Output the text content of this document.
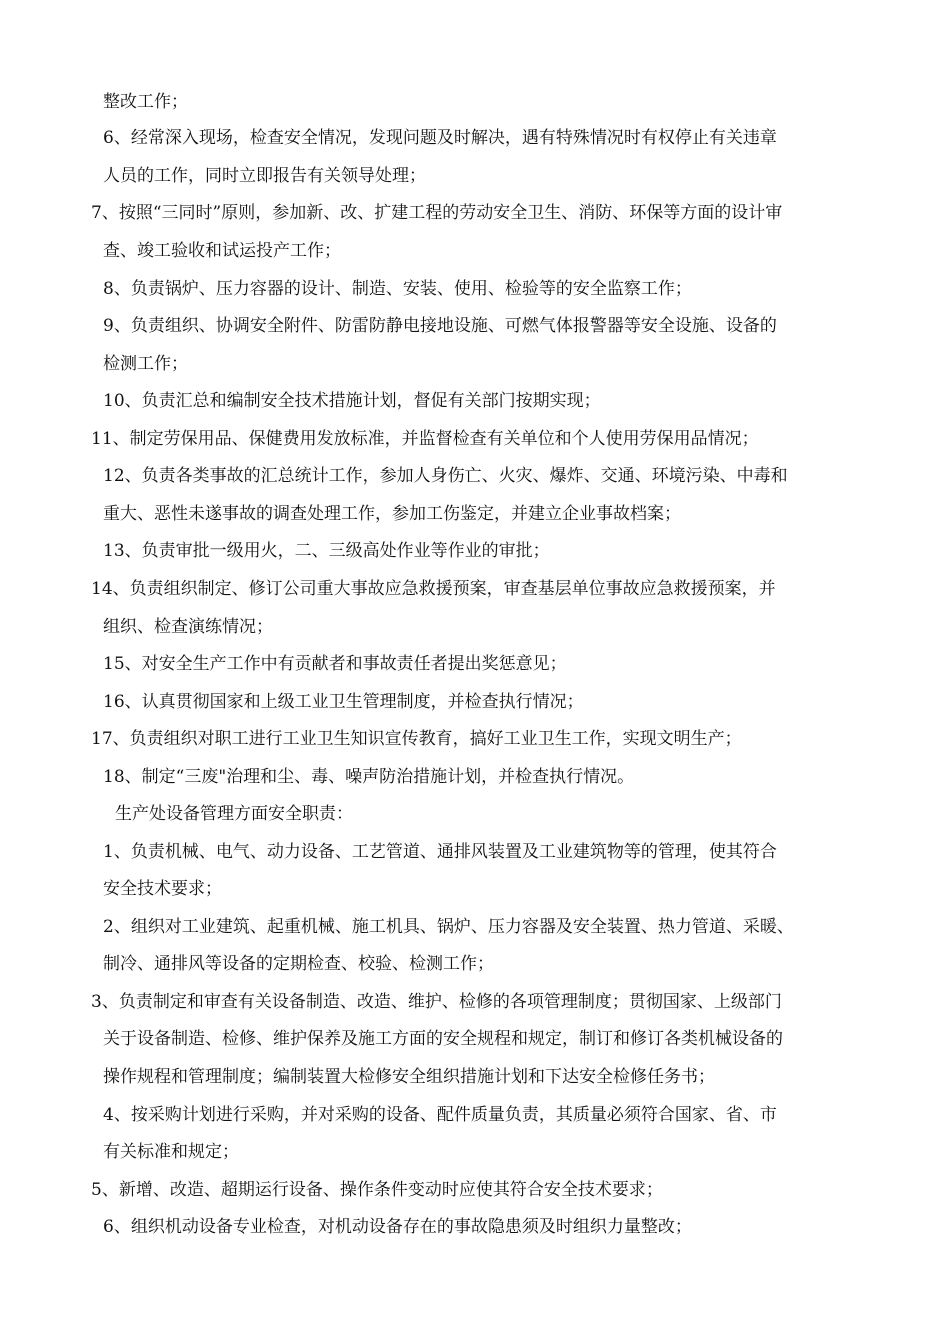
整改工作；
6、经常深入现场，检查安全情况，发现问题及时解决，遇有特殊情况时有权停止有关违章
人员的工作，同时立即报告有关领导处理；
7、按照“三同时”原则，参加新、改、扩建工程的劳动安全卫生、消防、环保等方面的设计审
查、竣工验收和试运投产工作；
8、负责锅炉、压力容器的设计、制造、安装、使用、检验等的安全监察工作；
9、负责组织、协调安全附件、防雷防静电接地设施、可燃气体报警器等安全设施、设备的
检测工作；
10、负责汇总和编制安全技术措施计划，督促有关部门按期实现；
11、制定劳保用品、保健费用发放标准，并监督检查有关单位和个人使用劳保用品情况；
12、负责各类事故的汇总统计工作，参加人身伤亡、火灾、爆炸、交通、环境污染、中毒和
重大、恶性未遂事故的调查处理工作，参加工伤鉴定，并建立企业事故档案；
13、负责审批一级用火，二、三级高处作业等作业的审批；
14、负责组织制定、修订公司重大事故应急救援预案，审查基层单位事故应急救援预案，并
组织、检查演练情况；
15、对安全生产工作中有贡献者和事故责任者提出奖惩意见；
16、认真贯彻国家和上级工业卫生管理制度，并检查执行情况；
17、负责组织对职工进行工业卫生知识宣传教育，搞好工业卫生工作，实现文明生产；
18、制定“三废"治理和尘、毒、噪声防治措施计划，并检查执行情况。
生产处设备管理方面安全职责：
1、负责机械、电气、动力设备、工艺管道、通排风装置及工业建筑物等的管理，使其符合
安全技术要求；
2、组织对工业建筑、起重机械、施工机具、锅炉、压力容器及安全装置、热力管道、采暖、
制冷、通排风等设备的定期检查、校验、检测工作；
3、负责制定和审查有关设备制造、改造、维护、检修的各项管理制度；贯彻国家、上级部门
关于设备制造、检修、维护保养及施工方面的安全规程和规定，制订和修订各类机械设备的
操作规程和管理制度；编制装置大检修安全组织措施计划和下达安全检修任务书；
4、按采购计划进行采购，并对采购的设备、配件质量负责，其质量必须符合国家、省、市
有关标准和规定；
5、新增、改造、超期运行设备、操作条件变动时应使其符合安全技术要求；
6、组织机动设备专业检查，对机动设备存在的事故隐患须及时组织力量整改；
